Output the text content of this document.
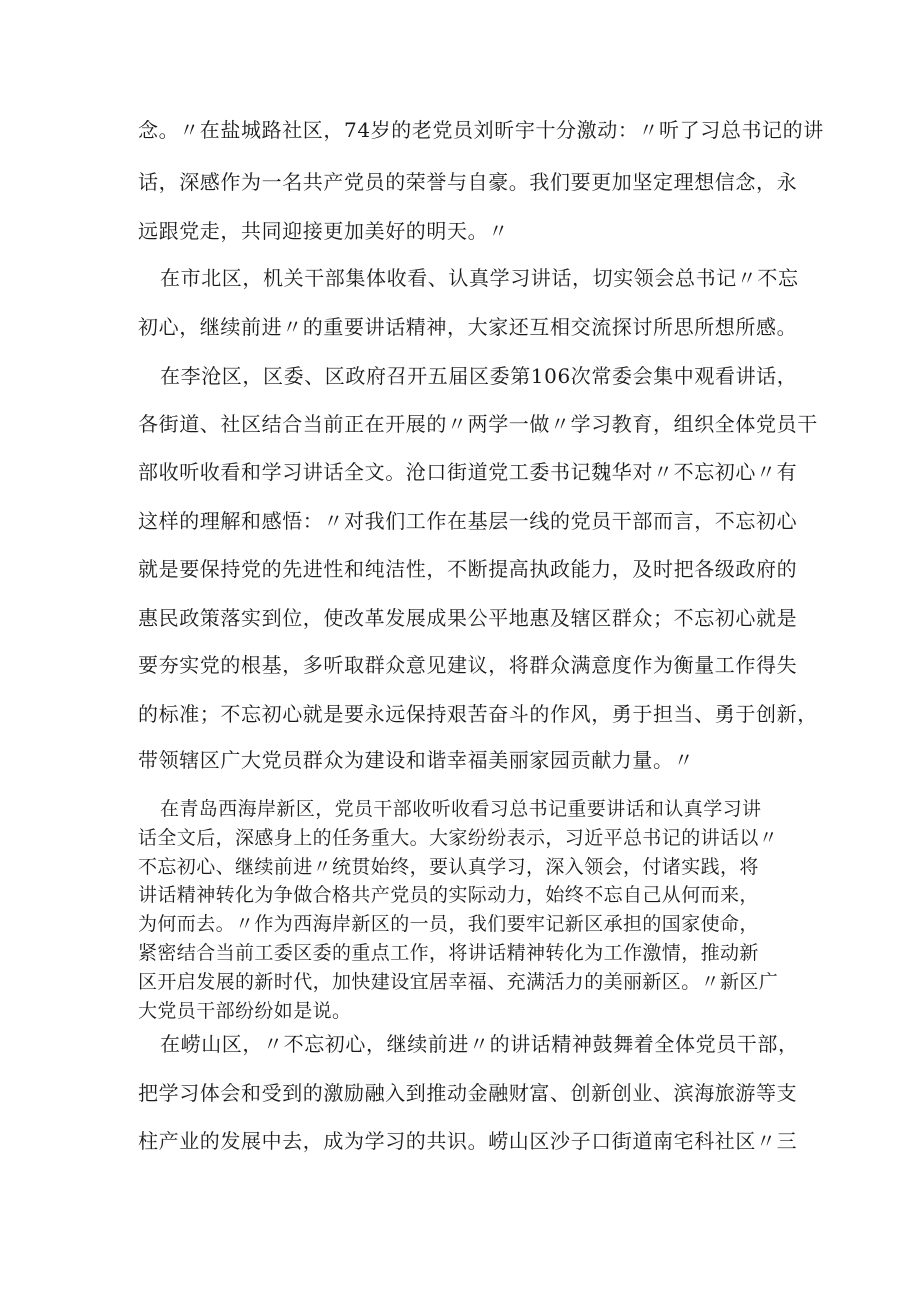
念。〃在盐城路社区，74岁的老党员刘昕宇十分激动：〃听了习总书记的讲
话，深感作为一名共产党员的荣誉与自豪。我们要更加坚定理想信念，永
远跟党走，共同迎接更加美好的明天。〃
在市北区，机关干部集体收看、认真学习讲话，切实领会总书记〃不忘
初心，继续前进〃的重要讲话精神，大家还互相交流探讨所思所想所感。
在李沧区，区委、区政府召开五届区委第106次常委会集中观看讲话，
各街道、社区结合当前正在开展的〃两学一做〃学习教育，组织全体党员干
部收听收看和学习讲话全文。沧口街道党工委书记魏华对〃不忘初心〃有
这样的理解和感悟：〃对我们工作在基层一线的党员干部而言，不忘初心
就是要保持党的先进性和纯洁性，不断提高执政能力，及时把各级政府的
惠民政策落实到位，使改革发展成果公平地惠及辖区群众；不忘初心就是
要夯实党的根基，多听取群众意见建议，将群众满意度作为衡量工作得失
的标准；不忘初心就是要永远保持艰苦奋斗的作风，勇于担当、勇于创新，
带领辖区广大党员群众为建设和谐幸福美丽家园贡献力量。〃
在青岛西海岸新区，党员干部收听收看习总书记重要讲话和认真学习讲
话全文后，深感身上的任务重大。大家纷纷表示，习近平总书记的讲话以〃
不忘初心、继续前进〃统贯始终，要认真学习，深入领会，付诸实践，将
讲话精神转化为争做合格共产党员的实际动力，始终不忘自己从何而来，
为何而去。〃作为西海岸新区的一员，我们要牢记新区承担的国家使命，
紧密结合当前工委区委的重点工作，将讲话精神转化为工作激情，推动新
区开启发展的新时代，加快建设宜居幸福、充满活力的美丽新区。〃新区广
大党员干部纷纷如是说。
在崂山区，〃不忘初心，继续前进〃的讲话精神鼓舞着全体党员干部，
把学习体会和受到的激励融入到推动金融财富、创新创业、滨海旅游等支
柱产业的发展中去，成为学习的共识。崂山区沙子口街道南宅科社区〃三
